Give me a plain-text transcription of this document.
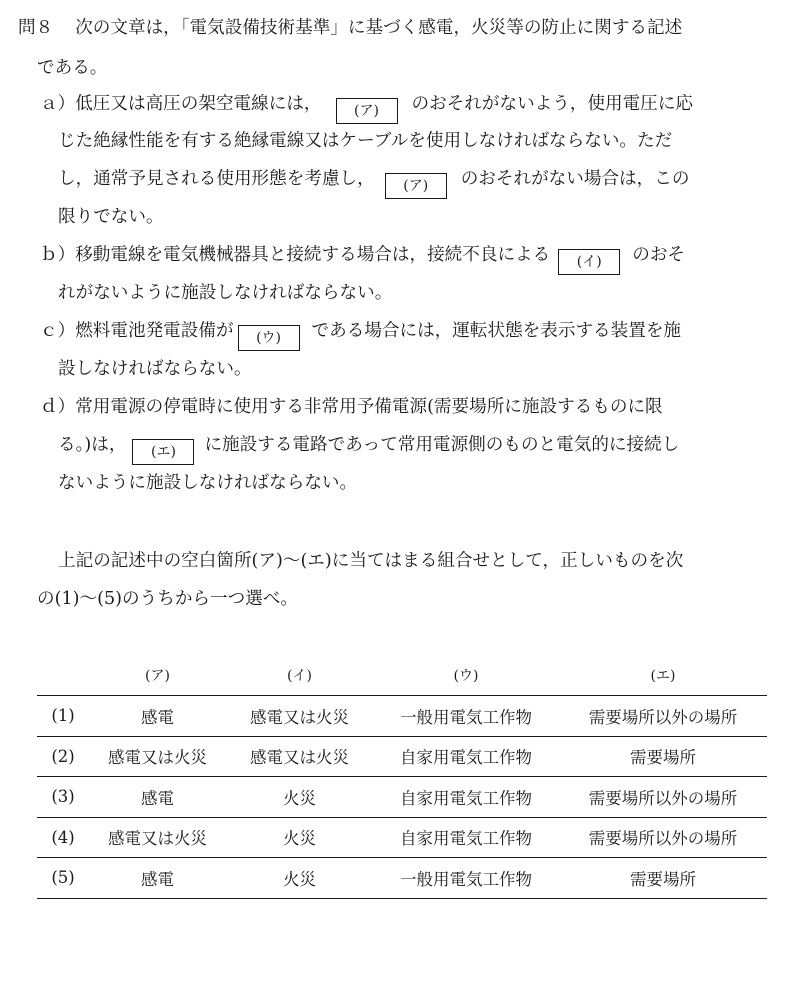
問８ 次の文章は，「電気設備技術基準」に基づく感電，火災等の防止に関する記述
である。
ａ）低圧又は高圧の架空電線には， (ア) のおそれがないよう，使用電圧に応
じた絶縁性能を有する絶縁電線又はケーブルを使用しなければならない。ただ
し，通常予見される使用形態を考慮し， (ア) のおそれがない場合は，この
限りでない。
ｂ）移動電線を電気機械器具と接続する場合は，接続不良による (イ) のおそ
れがないように施設しなければならない。
ｃ）燃料電池発電設備が (ウ) である場合には，運転状態を表示する装置を施
設しなければならない。
ｄ）常用電源の停電時に使用する非常用予備電源(需要場所に施設するものに限
る。)は， (エ) に施設する電路であって常用電源側のものと電気的に接続し
ないように施設しなければならない。
上記の記述中の空白箇所(ア)～(エ)に当てはまる組合せとして，正しいものを次
の(1)～(5)のうちから一つ選べ。
	(ア)	(イ)	(ウ)	(エ)
(1)	感電	感電又は火災	一般用電気工作物	需要場所以外の場所
(2)	感電又は火災	感電又は火災	自家用電気工作物	需要場所
(3)	感電	火災	自家用電気工作物	需要場所以外の場所
(4)	感電又は火災	火災	自家用電気工作物	需要場所以外の場所
(5)	感電	火災	一般用電気工作物	需要場所
